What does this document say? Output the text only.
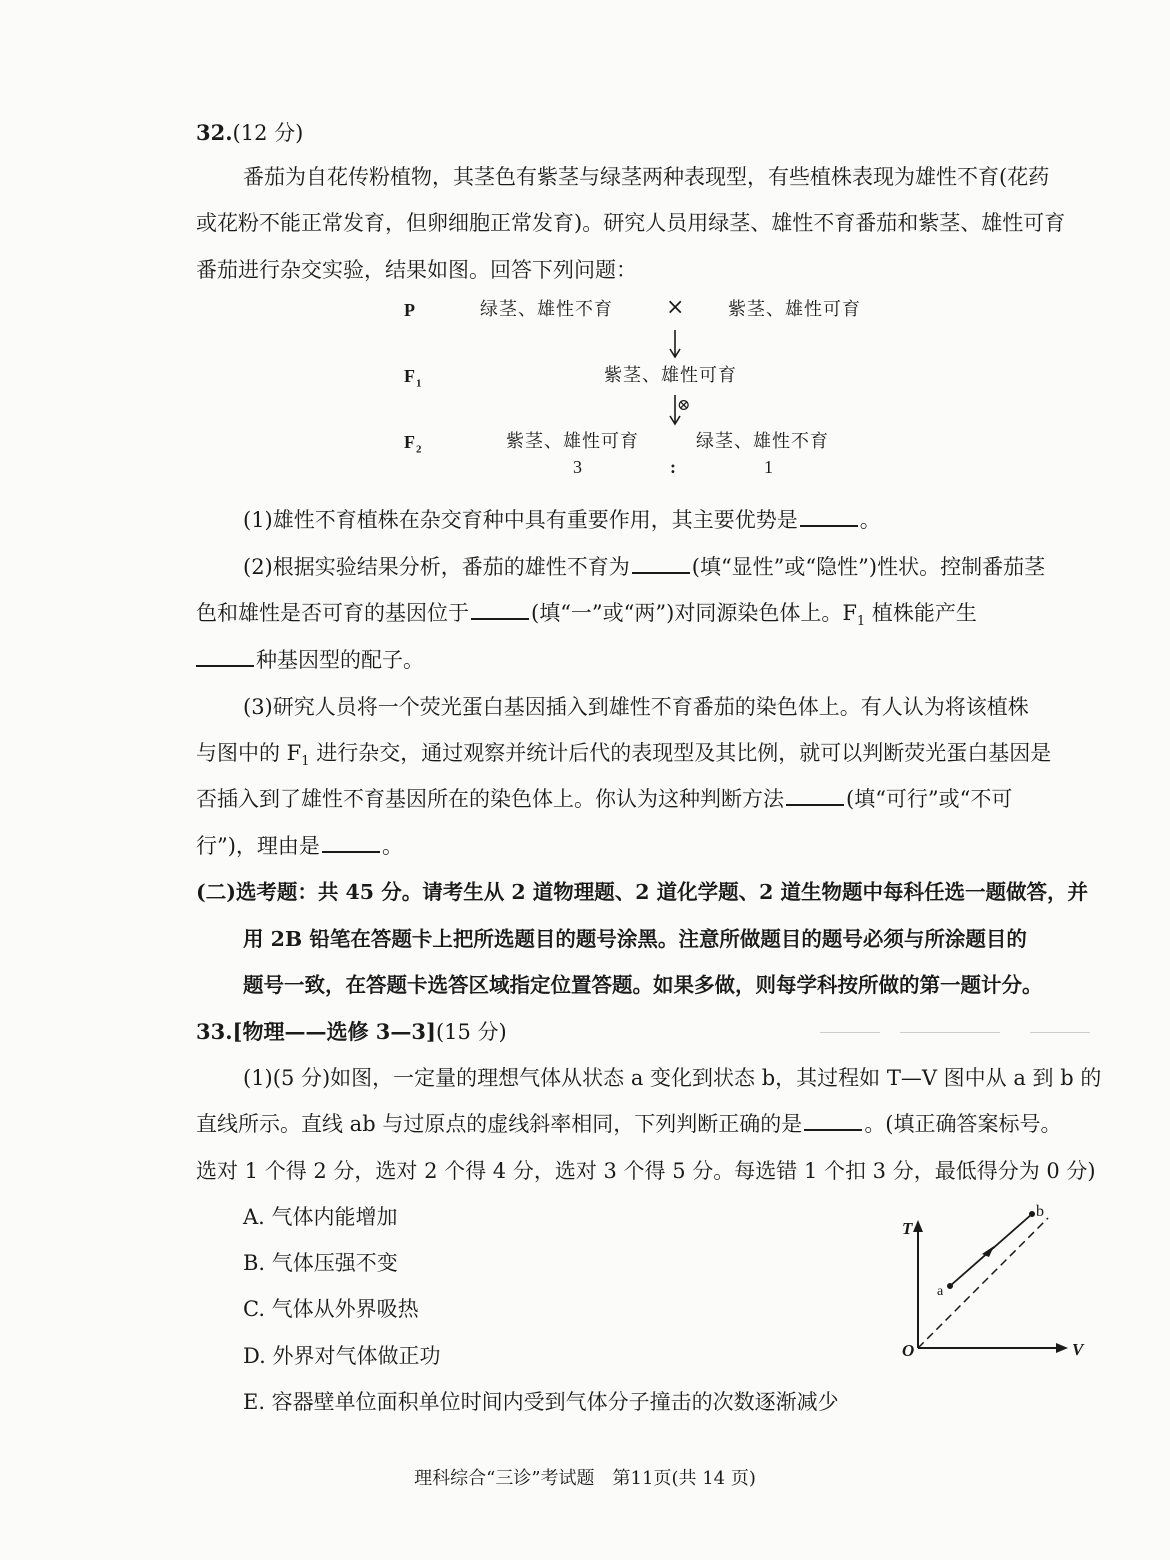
32.(12 分)
番茄为自花传粉植物，其茎色有紫茎与绿茎两种表现型，有些植株表现为雄性不育(花药
或花粉不能正常发育，但卵细胞正常发育)。研究人员用绿茎、雄性不育番茄和紫茎、雄性可育
番茄进行杂交实验，结果如图。回答下列问题：
P	绿茎、雄性不育 × 紫茎、雄性可育
$F_1$	紫茎、雄性可育
⊗
$F_2$	紫茎、雄性可育	绿茎、雄性不育
3	:	1
(1)雄性不育植株在杂交育种中具有重要作用，其主要优势是	。
(2)根据实验结果分析，番茄的雄性不育为	(填“显性”或“隐性”)性状。控制番茄茎
色和雄性是否可育的基因位于	(填“一”或“两”)对同源染色体上。$F_1$ 植株能产生
种基因型的配子。
(3)研究人员将一个荧光蛋白基因插入到雄性不育番茄的染色体上。有人认为将该植株
与图中的 $F_1$ 进行杂交，通过观察并统计后代的表现型及其比例，就可以判断荧光蛋白基因是
否插入到了雄性不育基因所在的染色体上。你认为这种判断方法	(填“可行”或“不可
行”)，理由是	。
(二)选考题：共 45 分。请考生从 2 道物理题、2 道化学题、2 道生物题中每科任选一题做答，并
用 2B 铅笔在答题卡上把所选题目的题号涂黑。注意所做题目的题号必须与所涂题目的
题号一致，在答题卡选答区域指定位置答题。如果多做，则每学科按所做的第一题计分。
33.[物理——选修 3—3](15 分)
(1)(5 分)如图，一定量的理想气体从状态 a 变化到状态 b，其过程如 T—V 图中从 a 到 b 的
直线所示。直线 ab 与过原点的虚线斜率相同，下列判断正确的是	。(填正确答案标号。
选对 1 个得 2 分，选对 2 个得 4 分，选对 3 个得 5 分。每选错 1 个扣 3 分，最低得分为 0 分)
A. 气体内能增加
B. 气体压强不变
C. 气体从外界吸热
D. 外界对气体做正功
E. 容器壁单位面积单位时间内受到气体分子撞击的次数逐渐减少
T
V
O
a
b
理科综合“三诊”考试题　第11页(共 14 页)
